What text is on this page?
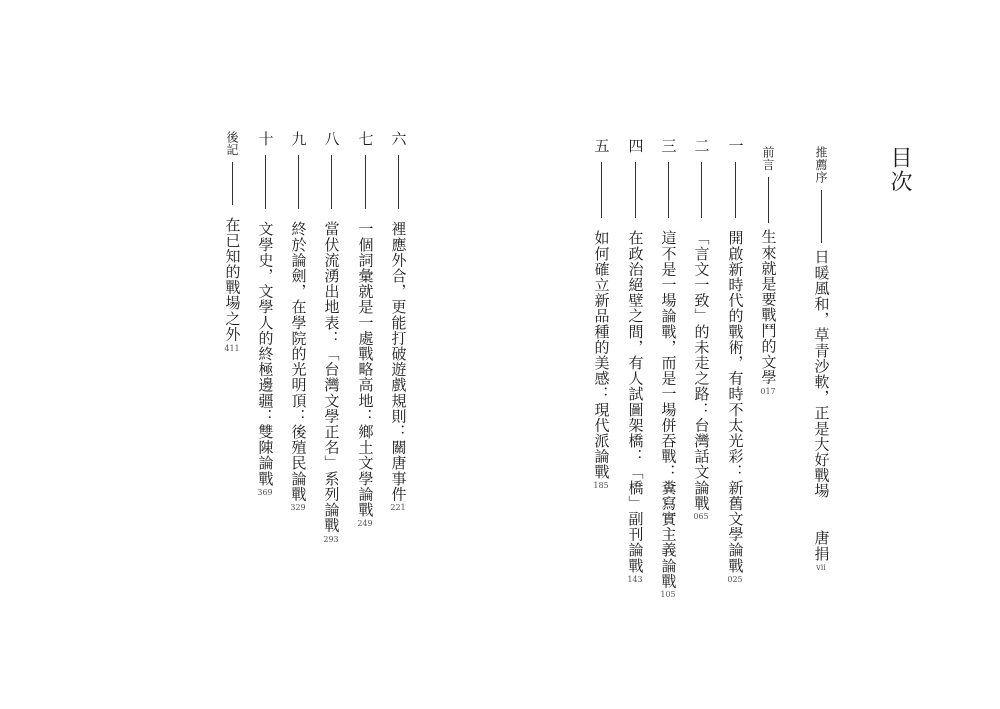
目次
推薦序
日暖風和，草青沙軟，正是大好戰場
唐捐
vii
前言
生來就是要戰鬥的文學
017
一
開啟新時代的戰術，有時不太光彩：新舊文學論戰
025
二
「言文一致」的未走之路：台灣話文論戰
065
三
這不是一場論戰，而是一場併吞戰：糞寫實主義論戰
105
四
在政治絕壁之間，有人試圖架橋：「橋」副刊論戰
143
五
如何確立新品種的美感：現代派論戰
185
六
裡應外合，更能打破遊戲規則：關唐事件
221
七
一個詞彙就是一處戰略高地：鄉土文學論戰
249
八
當伏流湧出地表：「台灣文學正名」系列論戰
293
九
終於論劍，在學院的光明頂：後殖民論戰
329
十
文學史，文學人的終極邊疆：雙陳論戰
369
後記
在已知的戰場之外
411
